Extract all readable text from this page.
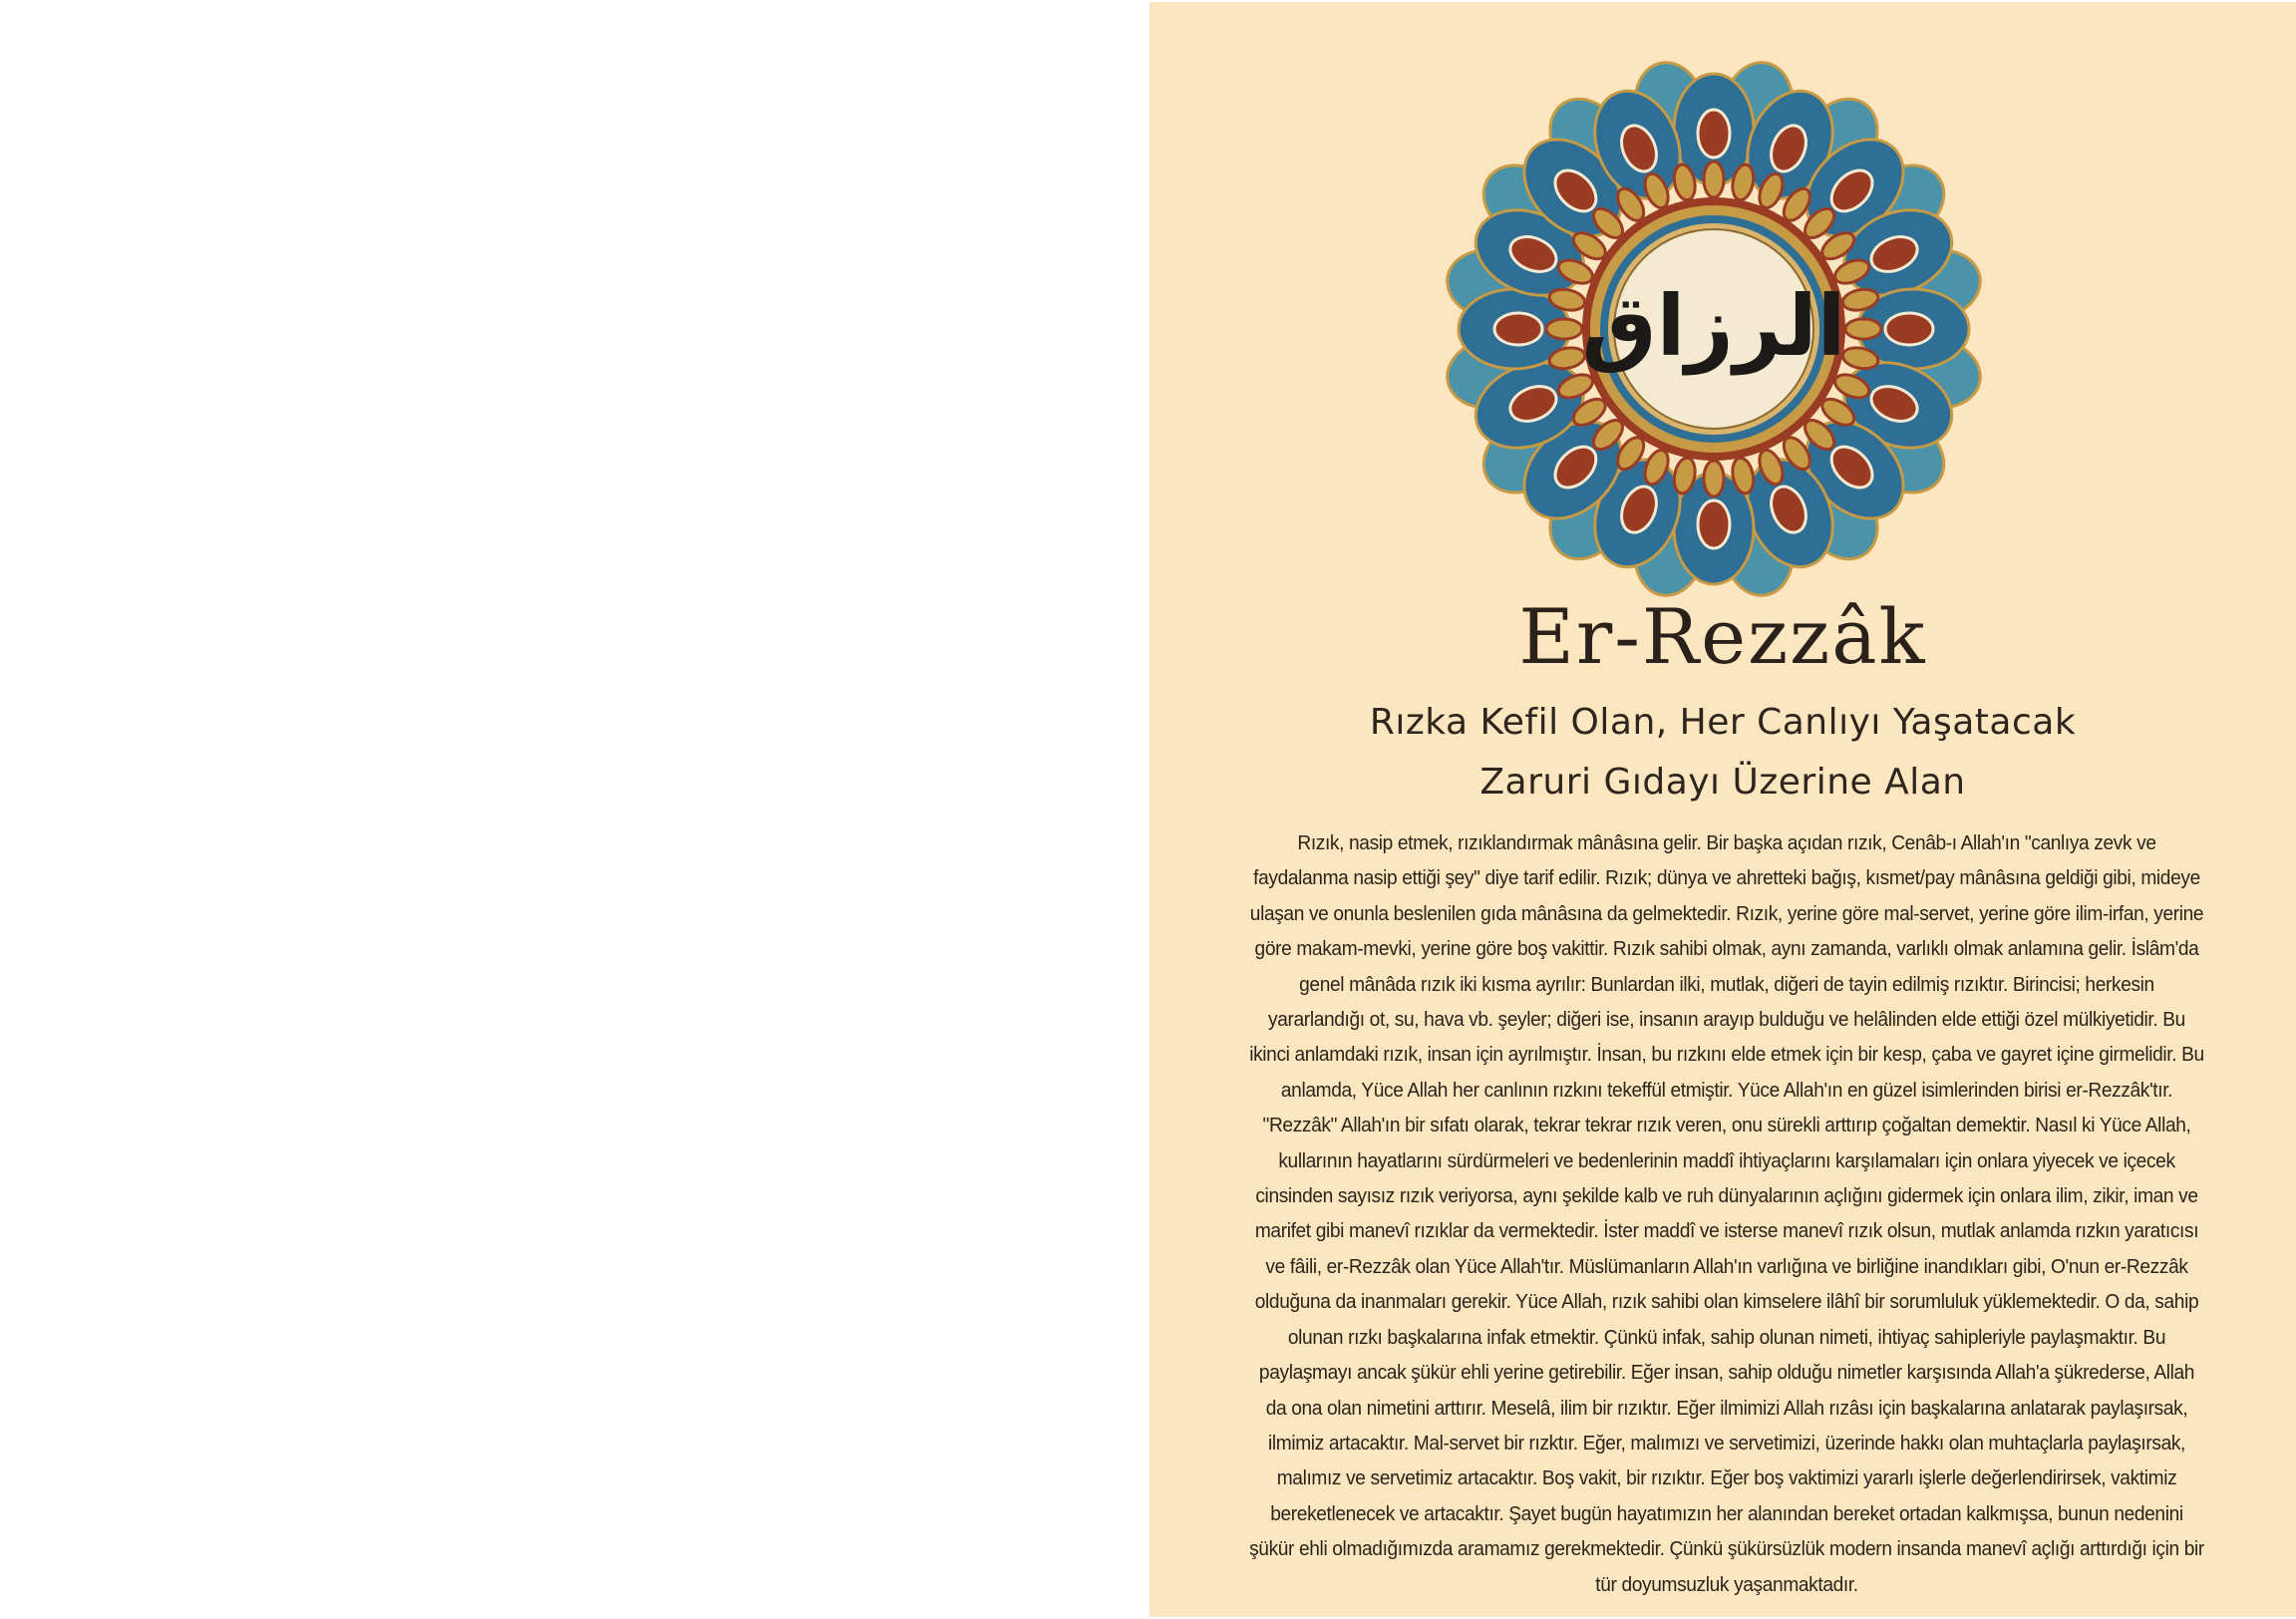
الرزاق
Er-Rezzâk
Rızka Kefil Olan, Her Canlıyı Yaşatacak
Zaruri Gıdayı Üzerine Alan
Rızık, nasip etmek, rızıklandırmak mânâsına gelir. Bir başka açıdan rızık, Cenâb-ı Allah'ın "canlıya zevk ve faydalanma nasip ettiği şey" diye tarif edilir. Rızık; dünya ve ahretteki bağış, kısmet/pay mânâsına geldiği gibi, mideye ulaşan ve onunla beslenilen gıda mânâsına da gelmektedir. Rızık, yerine göre mal-servet, yerine göre ilim-irfan, yerine göre makam-mevki, yerine göre boş vakittir. Rızık sahibi olmak, aynı zamanda, varlıklı olmak anlamına gelir. İslâm'da genel mânâda rızık iki kısma ayrılır: Bunlardan ilki, mutlak, diğeri de tayin edilmiş rızıktır. Birincisi; herkesin yararlandığı ot, su, hava vb. şeyler; diğeri ise, insanın arayıp bulduğu ve helâlinden elde ettiği özel mülkiyetidir. Bu ikinci anlamdaki rızık, insan için ayrılmıştır. İnsan, bu rızkını elde etmek için bir kesp, çaba ve gayret içine girmelidir. Bu anlamda, Yüce Allah her canlının rızkını tekeffül etmiştir. Yüce Allah'ın en güzel isimlerinden birisi er-Rezzâk'tır. "Rezzâk" Allah'ın bir sıfatı olarak, tekrar tekrar rızık veren, onu sürekli arttırıp çoğaltan demektir. Nasıl ki Yüce Allah, kullarının hayatlarını sürdürmeleri ve bedenlerinin maddî ihtiyaçlarını karşılamaları için onlara yiyecek ve içecek cinsinden sayısız rızık veriyorsa, aynı şekilde kalb ve ruh dünyalarının açlığını gidermek için onlara ilim, zikir, iman ve marifet gibi manevî rızıklar da vermektedir. İster maddî ve isterse manevî rızık olsun, mutlak anlamda rızkın yaratıcısı ve fâili, er-Rezzâk olan Yüce Allah'tır. Müslümanların Allah'ın varlığına ve birliğine inandıkları gibi, O'nun er-Rezzâk olduğuna da inanmaları gerekir. Yüce Allah, rızık sahibi olan kimselere ilâhî bir sorumluluk yüklemektedir. O da, sahip olunan rızkı başkalarına infak etmektir. Çünkü infak, sahip olunan nimeti, ihtiyaç sahipleriyle paylaşmaktır. Bu paylaşmayı ancak şükür ehli yerine getirebilir. Eğer insan, sahip olduğu nimetler karşısında Allah'a şükrederse, Allah da ona olan nimetini arttırır. Meselâ, ilim bir rızıktır. Eğer ilmimizi Allah rızâsı için başkalarına anlatarak paylaşırsak, ilmimiz artacaktır. Mal-servet bir rızktır. Eğer, malımızı ve servetimizi, üzerinde hakkı olan muhtaçlarla paylaşırsak, malımız ve servetimiz artacaktır. Boş vakit, bir rızıktır. Eğer boş vaktimizi yararlı işlerle değerlendirirsek, vaktimiz bereketlenecek ve artacaktır. Şayet bugün hayatımızın her alanından bereket ortadan kalkmışsa, bunun nedenini şükür ehli olmadığımızda aramamız gerekmektedir. Çünkü şükürsüzlük modern insanda manevî açlığı arttırdığı için bir tür doyumsuzluk yaşanmaktadır.
